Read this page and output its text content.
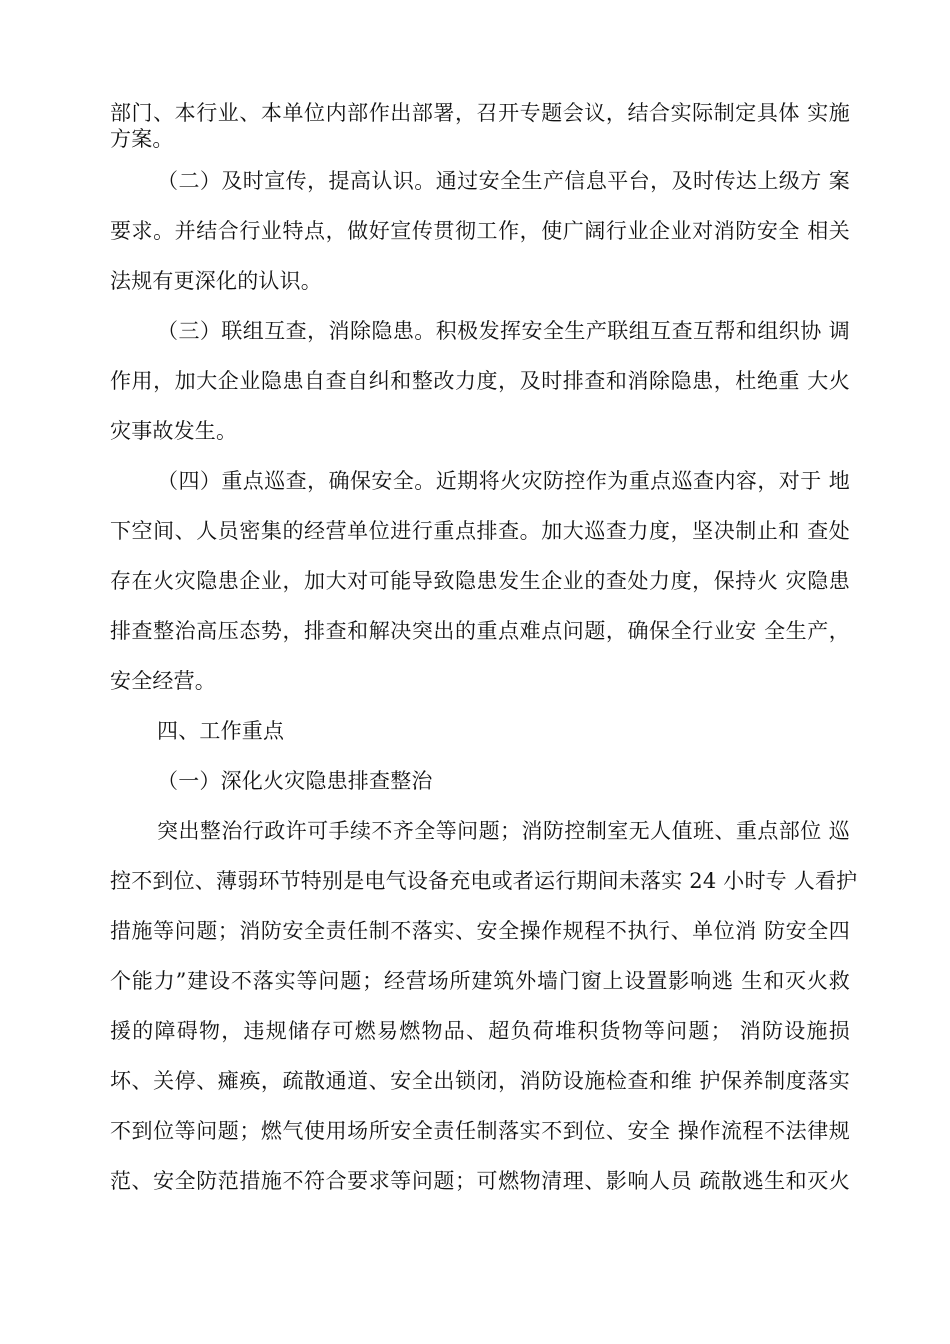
部门、本行业、本单位内部作出部署，召开专题会议，结合实际制定具体 实施
方案。
（二）及时宣传，提高认识。通过安全生产信息平台，及时传达上级方 案
要求。并结合行业特点，做好宣传贯彻工作，使广阔行业企业对消防安全 相关
法规有更深化的认识。
（三）联组互查，消除隐患。积极发挥安全生产联组互查互帮和组织协 调
作用，加大企业隐患自查自纠和整改力度，及时排查和消除隐患，杜绝重 大火
灾事故发生。
（四）重点巡查，确保安全。近期将火灾防控作为重点巡查内容，对于 地
下空间、人员密集的经营单位进行重点排查。加大巡查力度，坚决制止和 查处
存在火灾隐患企业，加大对可能导致隐患发生企业的查处力度，保持火 灾隐患
排查整治高压态势，排查和解决突出的重点难点问题，确保全行业安 全生产，
安全经营。
四、工作重点
（一）深化火灾隐患排查整治
突出整治行政许可手续不齐全等问题；消防控制室无人值班、重点部位 巡
控不到位、薄弱环节特别是电气设备充电或者运行期间未落实 24 小时专 人看护
措施等问题；消防安全责任制不落实、安全操作规程不执行、单位消 防安全四
个能力”建设不落实等问题；经营场所建筑外墙门窗上设置影响逃 生和灭火救
援的障碍物，违规储存可燃易燃物品、超负荷堆积货物等问题； 消防设施损
坏、关停、瘫痪，疏散通道、安全出锁闭，消防设施检查和维 护保养制度落实
不到位等问题；燃气使用场所安全责任制落实不到位、安全 操作流程不法律规
范、安全防范措施不符合要求等问题；可燃物清理、影响人员 疏散逃生和灭火
